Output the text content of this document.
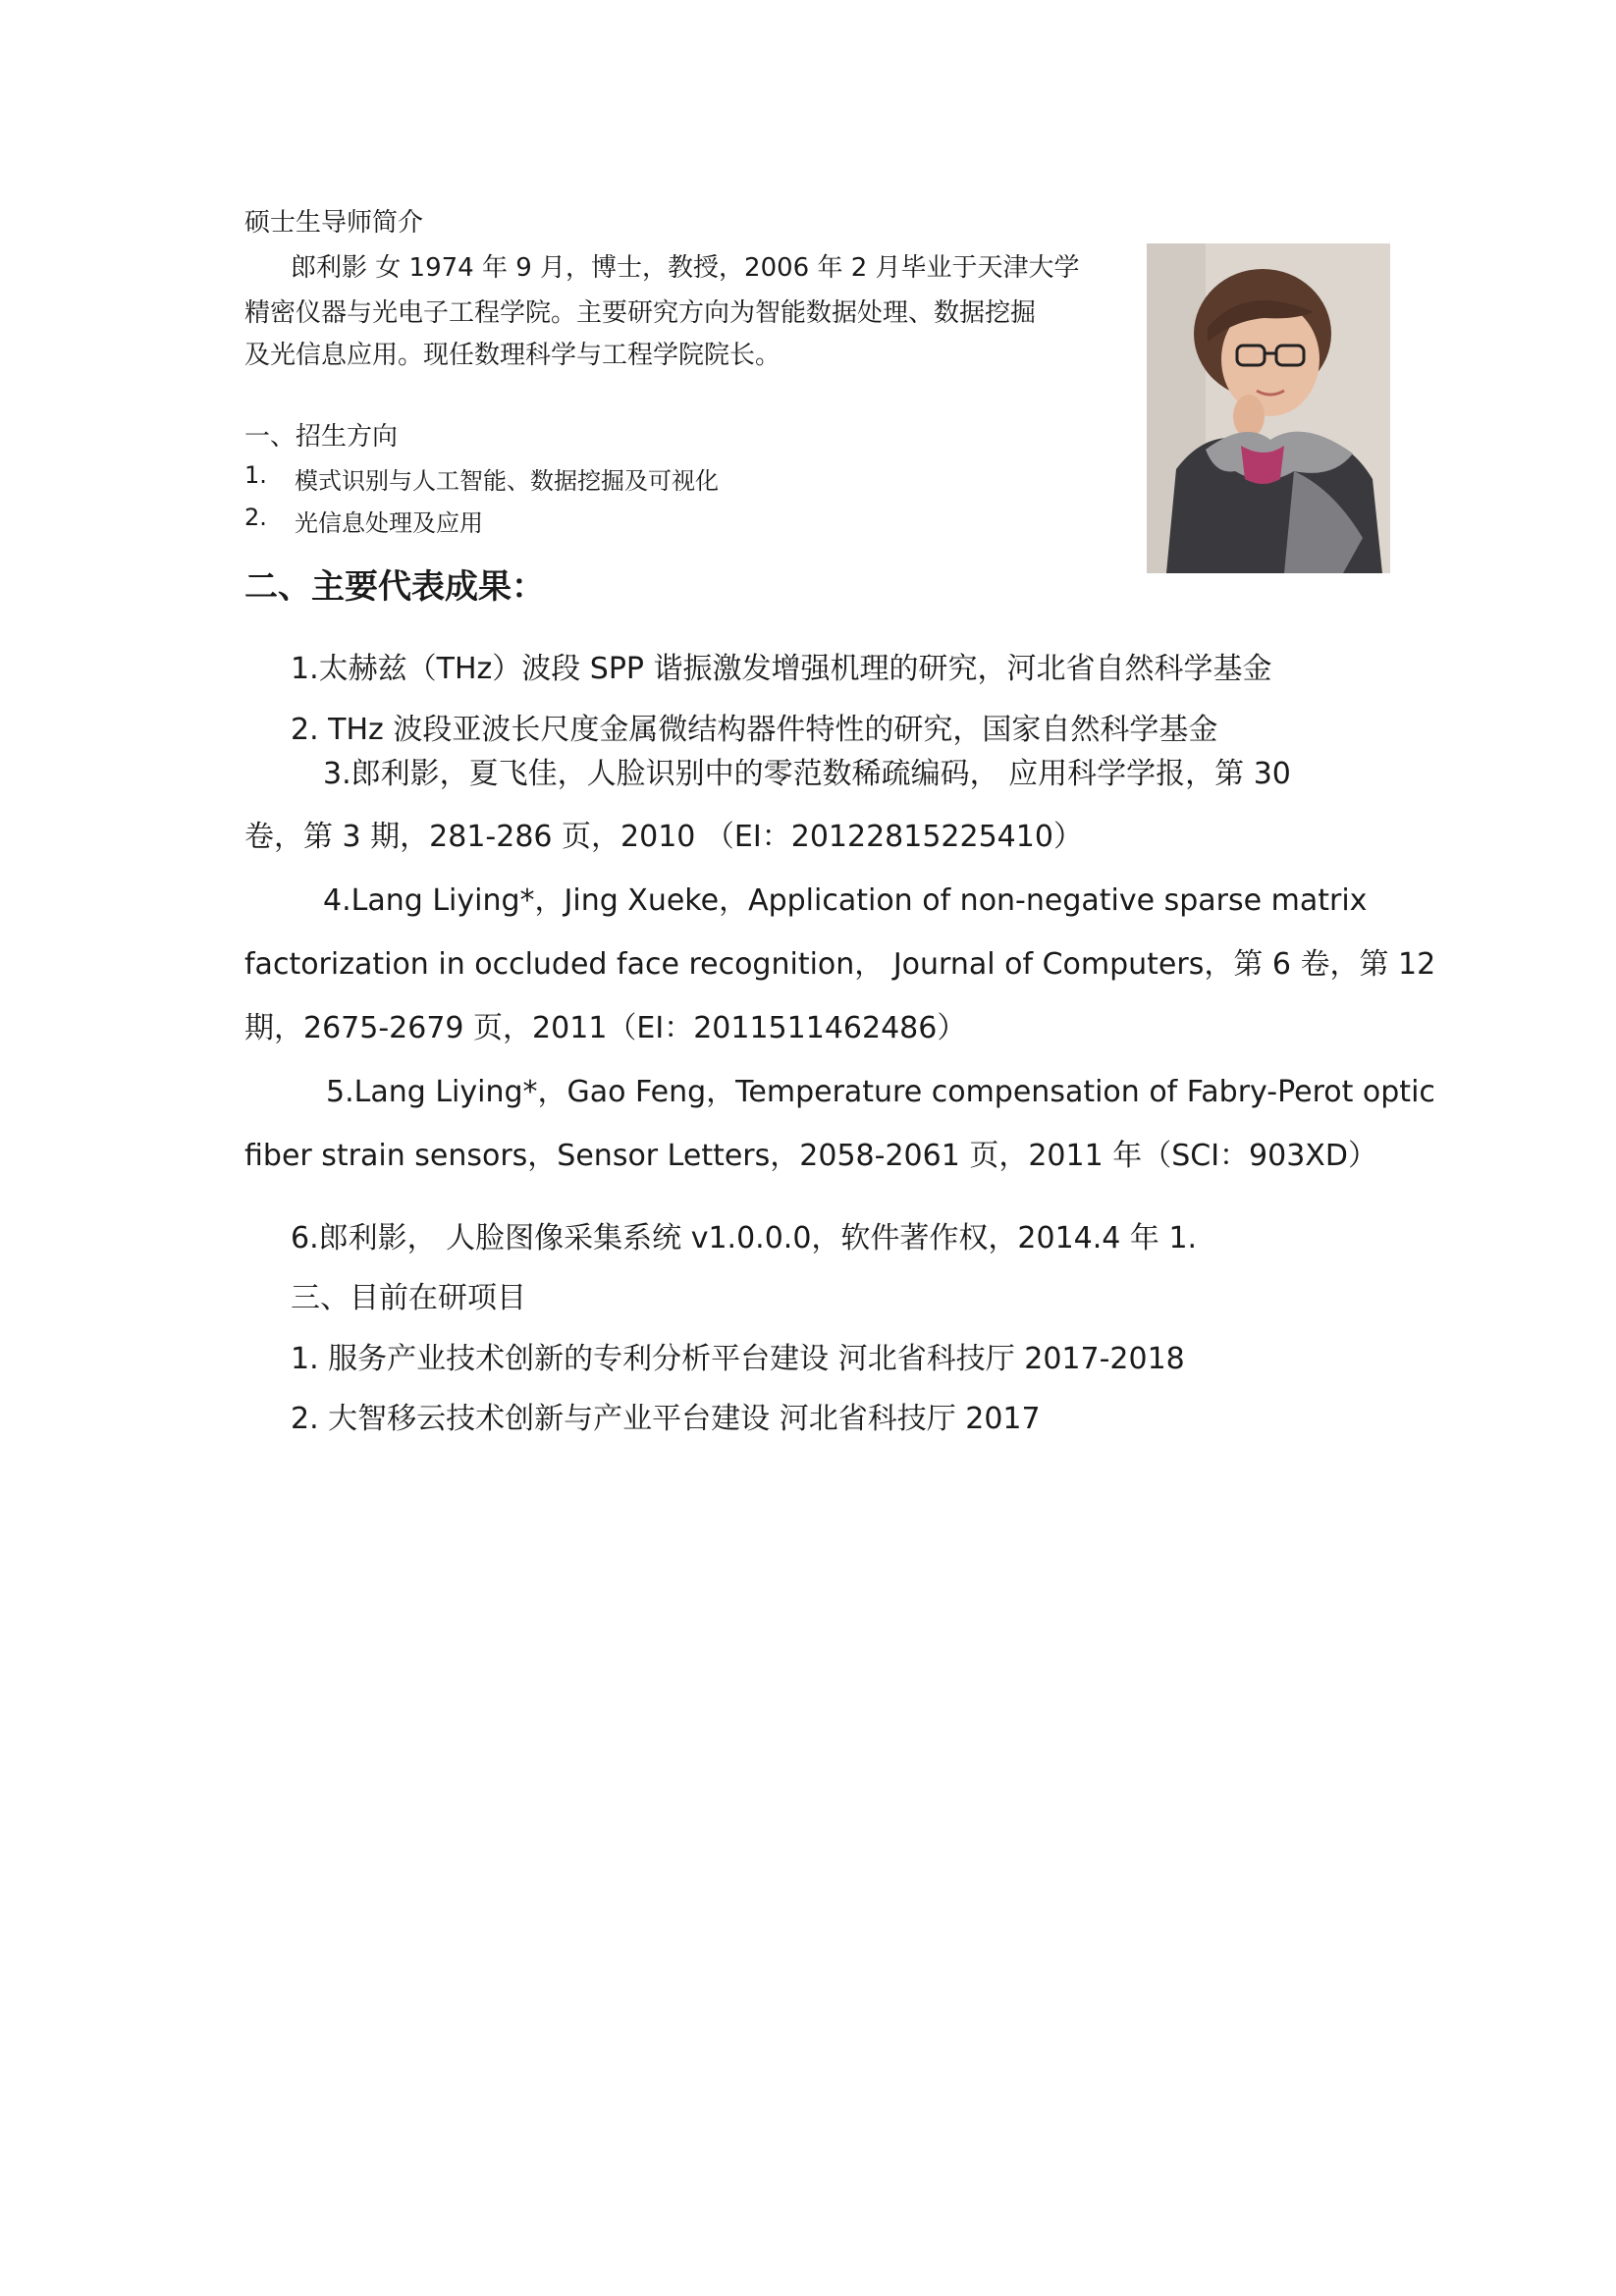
硕士生导师简介

郎利影 女 1974 年 9 月，博士，教授，2006 年 2 月毕业于天津大学

精密仪器与光电子工程学院。主要研究方向为智能数据处理、数据挖掘

及光信息应用。现任数理科学与工程学院院长。

一、招生方向

1. 模式识别与人工智能、数据挖掘及可视化

2. 光信息处理及应用

二、主要代表成果：

1.太赫兹（THz）波段 SPP 谐振激发增强机理的研究，河北省自然科学基金

2. THz 波段亚波长尺度金属微结构器件特性的研究，国家自然科学基金

3.郎利影，夏飞佳，人脸识别中的零范数稀疏编码， 应用科学学报，第 30

卷，第 3 期，281-286 页，2010 （EI：20122815225410）

4.Lang Liying*，Jing Xueke，Application of non-negative sparse matrix

factorization in occluded face recognition， Journal of Computers，第 6 卷，第 12

期，2675-2679 页，2011（EI：2011511462486）

5.Lang Liying*，Gao Feng，Temperature compensation of Fabry-Perot optic

fiber strain sensors，Sensor Letters，2058-2061 页，2011 年（SCI：903XD）

6.郎利影， 人脸图像采集系统 v1.0.0.0，软件著作权，2014.4 年 1.

三、目前在研项目

1. 服务产业技术创新的专利分析平台建设 河北省科技厅 2017-2018

2. 大智移云技术创新与产业平台建设 河北省科技厅 2017
